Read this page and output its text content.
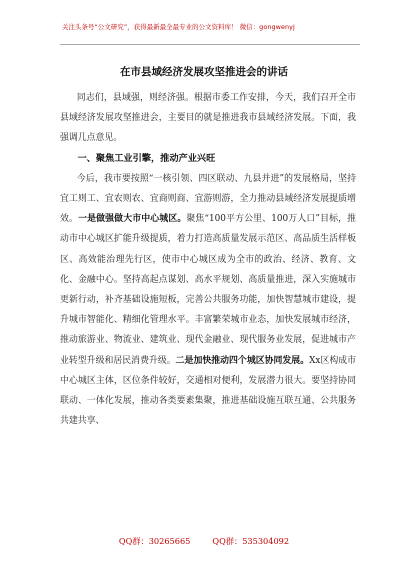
关注头条号“公文研究”，获得最新最全最专业的公文资料库！ 微信：gongwenyj
在市县域经济发展攻坚推进会的讲话

同志们，县域强，则经济强。根据市委工作安排，今天，我们召开全市县域经济发展攻坚推进会，主要目的就是推进我市县域经济发展。下面，我强调几点意见。

一、聚焦工业引擎，推动产业兴旺

今后，我市要按照“一核引领、四区联动、九县并进”的发展格局，坚持宜工则工、宜农则农、宜商则商、宜游则游，全力推动县域经济发展提质增效。一是做强做大市中心城区。聚焦“100平方公里、100万人口”目标，推动市中心城区扩能升级提质，着力打造高质量发展示范区、高品质生活样板区、高效能治理先行区，使市中心城区成为全市的政治、经济、教育、文化、金融中心。坚持高起点谋划、高水平规划、高质量推进，深入实施城市更新行动，补齐基础设施短板，完善公共服务功能，加快智慧城市建设，提升城市智能化、精细化管理水平。丰富繁荣城市业态，加快发展城市经济，推动旅游业、物流业、建筑业、现代金融业、现代服务业发展，促进城市产业转型升级和居民消费升级。二是加快推动四个城区协同发展。Xx区构成市中心城区主体，区位条件较好，交通相对便利，发展潜力很大。要坚持协同联动、一体化发展，推动各类要素集聚，推进基础设施互联互通、公共服务共建共享、

QQ群：30265665	QQ群：535304092
